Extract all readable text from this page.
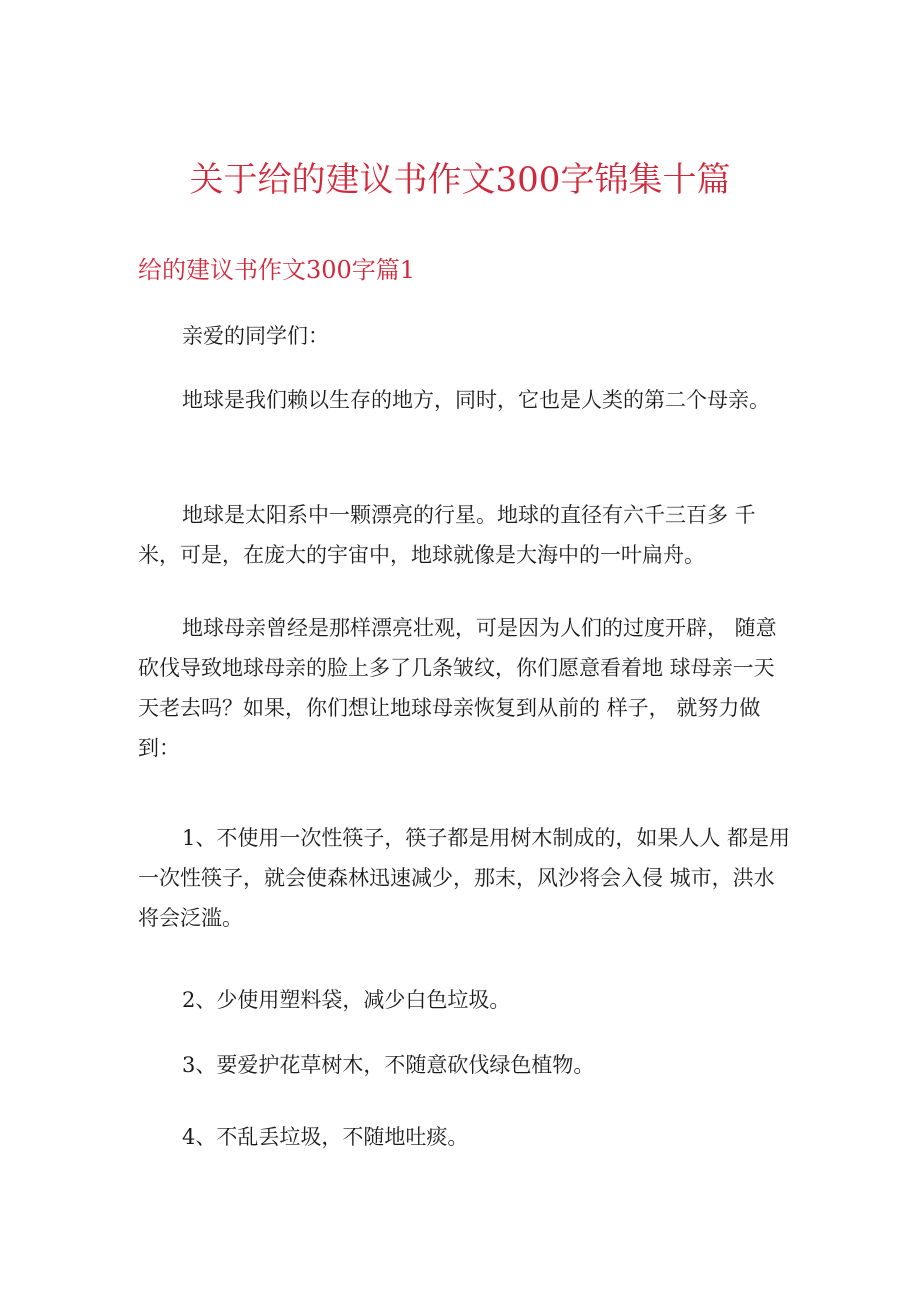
关于给的建议书作文300字锦集十篇
给的建议书作文300字篇1

亲爱的同学们：

地球是我们赖以生存的地方，同时，它也是人类的第二个母亲。

地球是太阳系中一颗漂亮的行星。地球的直径有六千三百多 千米，可是，在庞大的宇宙中，地球就像是大海中的一叶扁舟。

地球母亲曾经是那样漂亮壮观，可是因为人们的过度开辟， 随意砍伐导致地球母亲的脸上多了几条皱纹，你们愿意看着地 球母亲一天天老去吗？如果，你们想让地球母亲恢复到从前的 样子， 就努力做到：

1、不使用一次性筷子，筷子都是用树木制成的，如果人人 都是用一次性筷子，就会使森林迅速减少，那末，风沙将会入侵 城市，洪水将会泛滥。

2、少使用塑料袋，减少白色垃圾。

3、要爱护花草树木，不随意砍伐绿色植物。

4、不乱丢垃圾，不随地吐痰。
